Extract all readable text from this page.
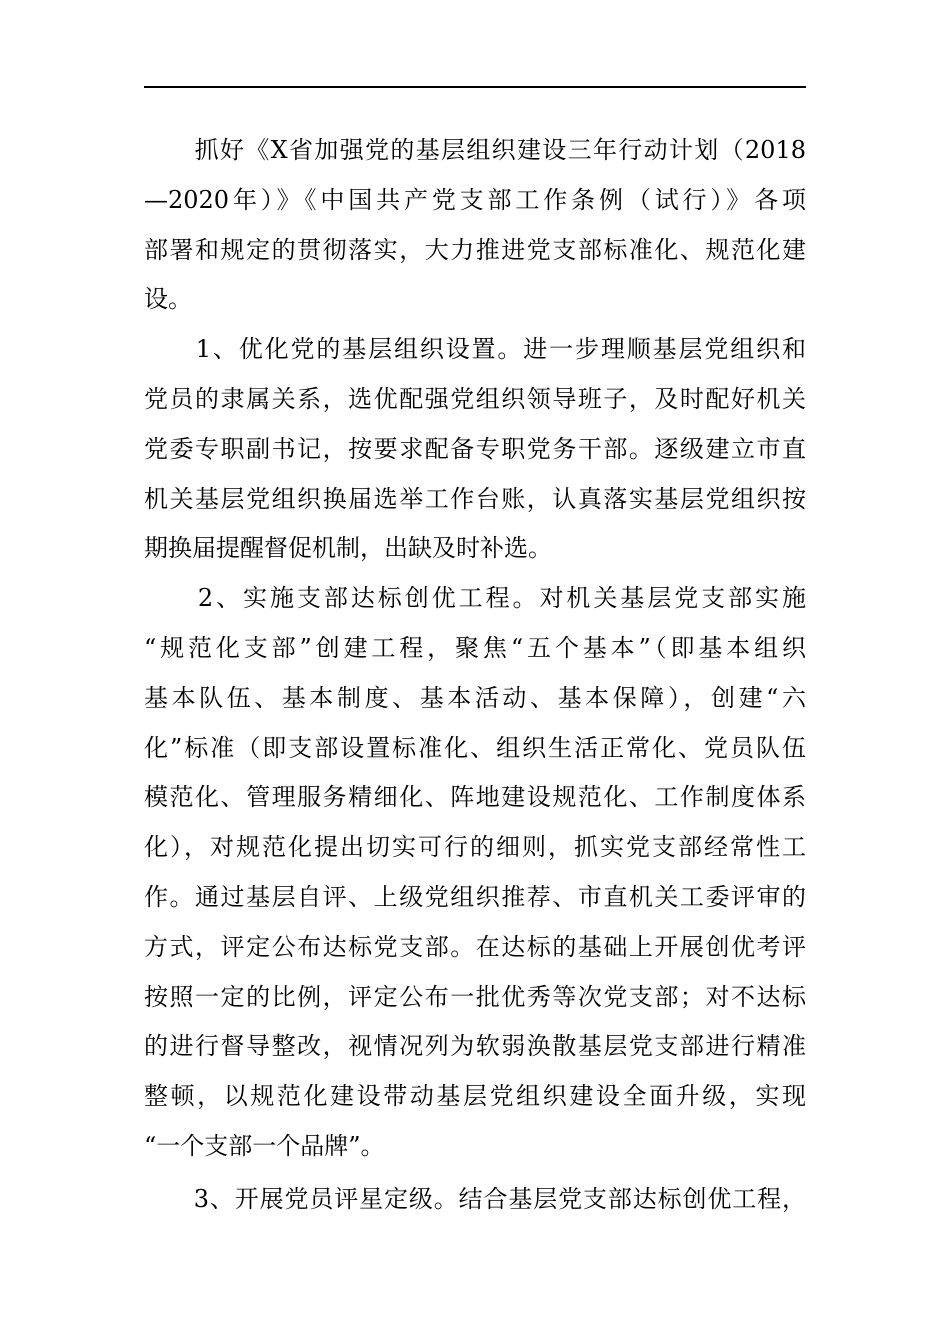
　　抓好《X省加强党的基层组织建设三年行动计划（2018
—2020年）》《中国共产党支部工作条例（试行）》各项
部署和规定的贯彻落实，大力推进党支部标准化、规范化建
设。
　　1、优化党的基层组织设置。进一步理顺基层党组织和
党员的隶属关系，选优配强党组织领导班子，及时配好机关
党委专职副书记，按要求配备专职党务干部。逐级建立市直
机关基层党组织换届选举工作台账，认真落实基层党组织按
期换届提醒督促机制，出缺及时补选。
　　2、实施支部达标创优工程。对机关基层党支部实施
“规范化支部”创建工程，聚焦“五个基本”（即基本组织
基本队伍、基本制度、基本活动、基本保障），创建“六
化”标准（即支部设置标准化、组织生活正常化、党员队伍
模范化、管理服务精细化、阵地建设规范化、工作制度体系
化），对规范化提出切实可行的细则，抓实党支部经常性工
作。通过基层自评、上级党组织推荐、市直机关工委评审的
方式，评定公布达标党支部。在达标的基础上开展创优考评
按照一定的比例，评定公布一批优秀等次党支部；对不达标
的进行督导整改，视情况列为软弱涣散基层党支部进行精准
整顿，以规范化建设带动基层党组织建设全面升级，实现
“一个支部一个品牌”。
　　3、开展党员评星定级。结合基层党支部达标创优工程，
